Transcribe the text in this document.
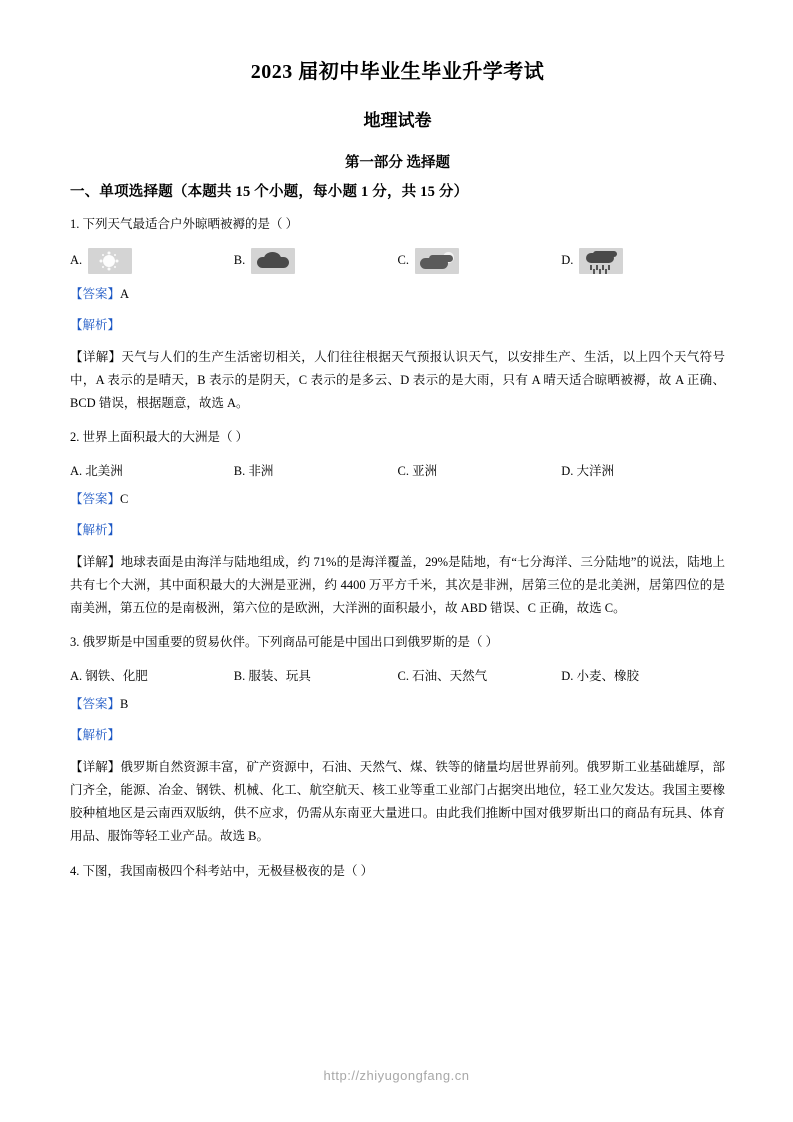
2023 届初中毕业生毕业升学考试
地理试卷
第一部分 选择题
一、单项选择题（本题共 15 个小题，每小题 1 分，共 15 分）
1. 下列天气最适合户外晾晒被褥的是（ ）
A.	B.	C.	D.
【答案】A
【解析】
【详解】天气与人们的生产生活密切相关，人们往往根据天气预报认识天气，以安排生产、生活，以上四个天气符号中，A 表示的是晴天，B 表示的是阴天，C 表示的是多云、D 表示的是大雨，只有 A 晴天适合晾晒被褥，故 A 正确、BCD 错误，根据题意，故选 A。
2. 世界上面积最大的大洲是（ ）
A. 北美洲	B. 非洲	C. 亚洲	D. 大洋洲
【答案】C
【解析】
【详解】地球表面是由海洋与陆地组成，约 71%的是海洋覆盖，29%是陆地，有“七分海洋、三分陆地”的说法，陆地上共有七个大洲，其中面积最大的大洲是亚洲，约 4400 万平方千米，其次是非洲，居第三位的是北美洲，居第四位的是南美洲，第五位的是南极洲，第六位的是欧洲，大洋洲的面积最小，故 ABD 错误、C 正确，故选 C。
3. 俄罗斯是中国重要的贸易伙伴。下列商品可能是中国出口到俄罗斯的是（ ）
A. 钢铁、化肥	B. 服装、玩具	C. 石油、天然气	D. 小麦、橡胶
【答案】B
【解析】
【详解】俄罗斯自然资源丰富，矿产资源中，石油、天然气、煤、铁等的储量均居世界前列。俄罗斯工业基础雄厚，部门齐全，能源、冶金、钢铁、机械、化工、航空航天、核工业等重工业部门占据突出地位，轻工业欠发达。我国主要橡胶种植地区是云南西双版纳，供不应求，仍需从东南亚大量进口。由此我们推断中国对俄罗斯出口的商品有玩具、体育用品、服饰等轻工业产品。故选 B。
4. 下图，我国南极四个科考站中，无极昼极夜的是（ ）
http://zhiyugongfang.cn
